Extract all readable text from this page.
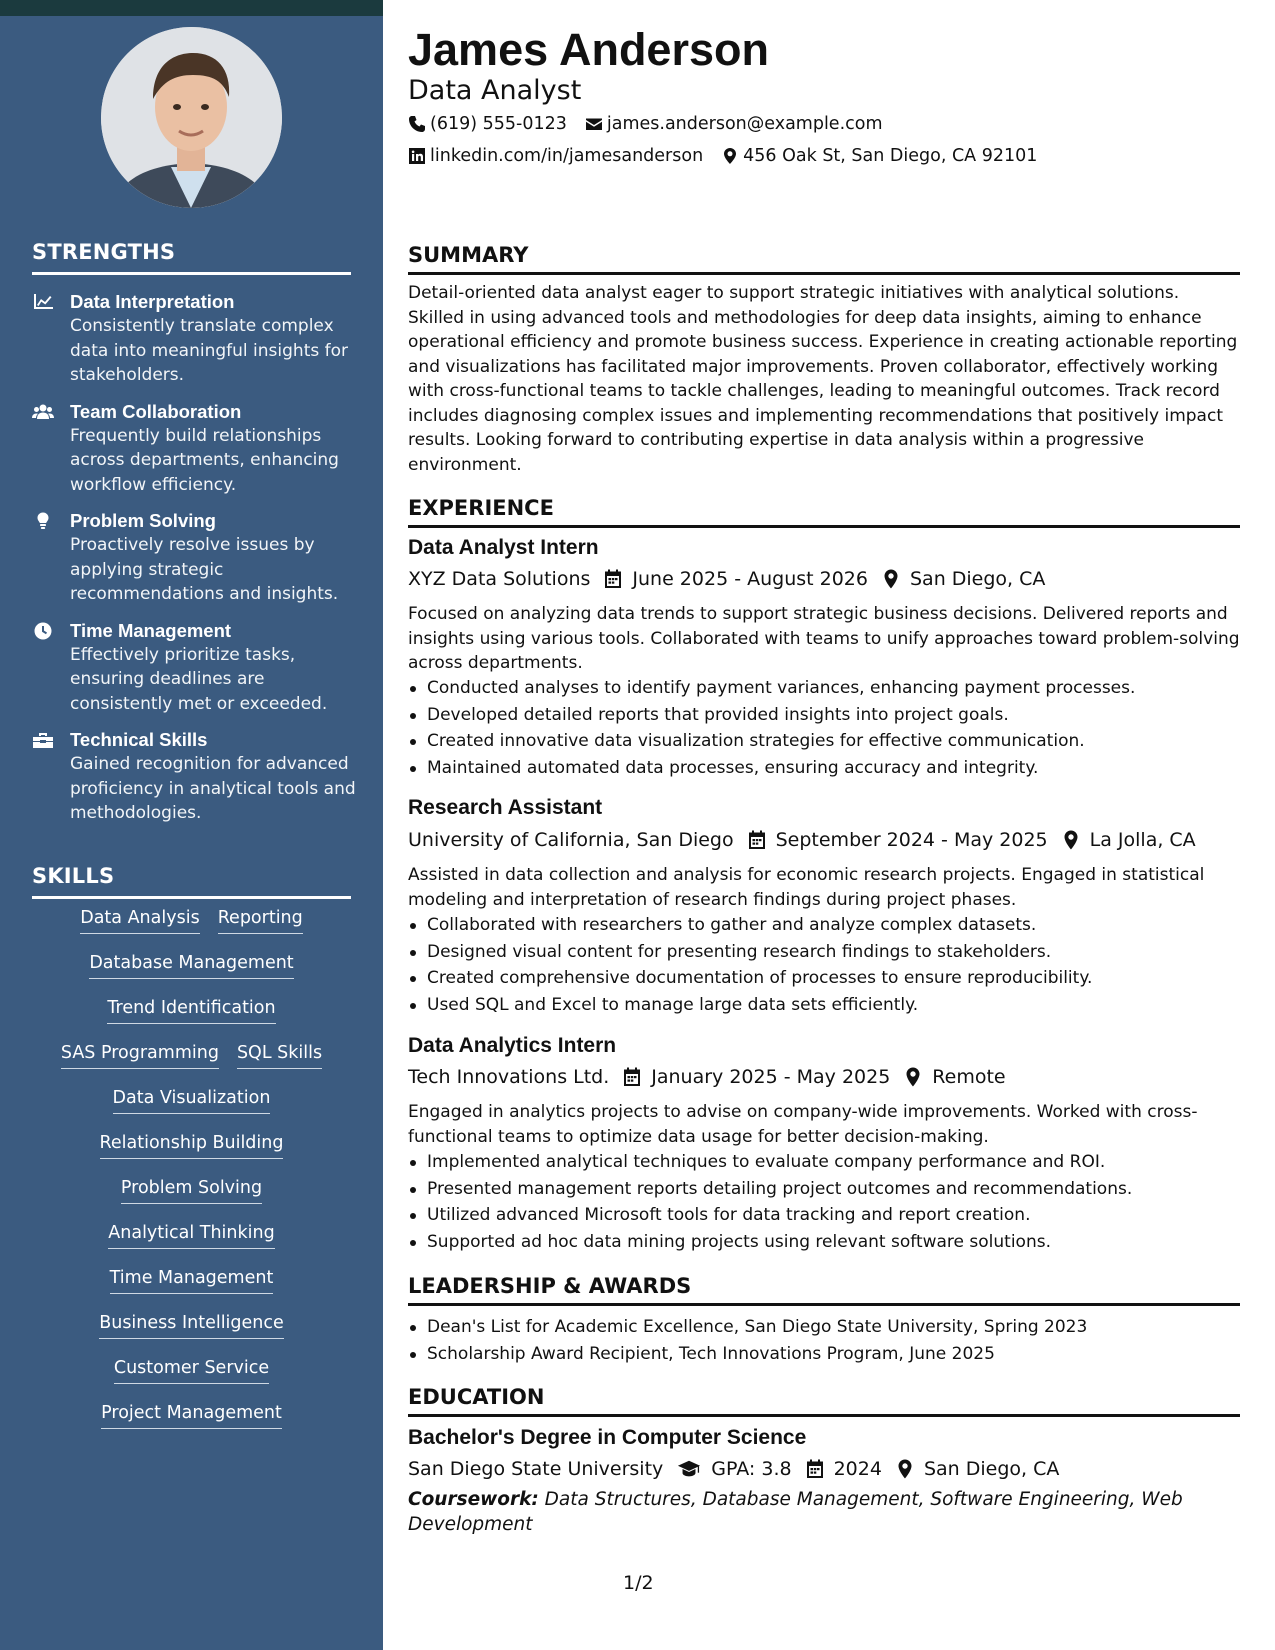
STRENGTHS
Data Interpretation
Consistently translate complex data into meaningful insights for stakeholders.
Team Collaboration
Frequently build relationships across departments, enhancing workflow efficiency.
Problem Solving
Proactively resolve issues by applying strategic recommendations and insights.
Time Management
Effectively prioritize tasks, ensuring deadlines are consistently met or exceeded.
Technical Skills
Gained recognition for advanced proficiency in analytical tools and methodologies.
SKILLS
Data Analysis Reporting
Database Management
Trend Identification
SAS Programming SQL Skills
Data Visualization
Relationship Building
Problem Solving
Analytical Thinking
Time Management
Business Intelligence
Customer Service
Project Management
James Anderson
Data Analyst
(619) 555-0123 james.anderson@example.com
linkedin.com/in/jamesanderson 456 Oak St, San Diego, CA 92101
SUMMARY
Detail-oriented data analyst eager to support strategic initiatives with analytical solutions. Skilled in using advanced tools and methodologies for deep data insights, aiming to enhance operational efficiency and promote business success. Experience in creating actionable reporting and visualizations has facilitated major improvements. Proven collaborator, effectively working with cross-functional teams to tackle challenges, leading to meaningful outcomes. Track record includes diagnosing complex issues and implementing recommendations that positively impact results. Looking forward to contributing expertise in data analysis within a progressive environment.
EXPERIENCE
Data Analyst Intern
XYZ Data Solutions June 2025 - August 2026 San Diego, CA
Focused on analyzing data trends to support strategic business decisions. Delivered reports and insights using various tools. Collaborated with teams to unify approaches toward problem-solving across departments.
Conducted analyses to identify payment variances, enhancing payment processes.
Developed detailed reports that provided insights into project goals.
Created innovative data visualization strategies for effective communication.
Maintained automated data processes, ensuring accuracy and integrity.
Research Assistant
University of California, San Diego September 2024 - May 2025 La Jolla, CA
Assisted in data collection and analysis for economic research projects. Engaged in statistical modeling and interpretation of research findings during project phases.
Collaborated with researchers to gather and analyze complex datasets.
Designed visual content for presenting research findings to stakeholders.
Created comprehensive documentation of processes to ensure reproducibility.
Used SQL and Excel to manage large data sets efficiently.
Data Analytics Intern
Tech Innovations Ltd. January 2025 - May 2025 Remote
Engaged in analytics projects to advise on company-wide improvements. Worked with cross-functional teams to optimize data usage for better decision-making.
Implemented analytical techniques to evaluate company performance and ROI.
Presented management reports detailing project outcomes and recommendations.
Utilized advanced Microsoft tools for data tracking and report creation.
Supported ad hoc data mining projects using relevant software solutions.
LEADERSHIP & AWARDS
Dean's List for Academic Excellence, San Diego State University, Spring 2023
Scholarship Award Recipient, Tech Innovations Program, June 2025
EDUCATION
Bachelor's Degree in Computer Science
San Diego State University	GPA: 3.8 2024 San Diego, CA
Coursework: Data Structures, Database Management, Software Engineering, Web Development
1/2
